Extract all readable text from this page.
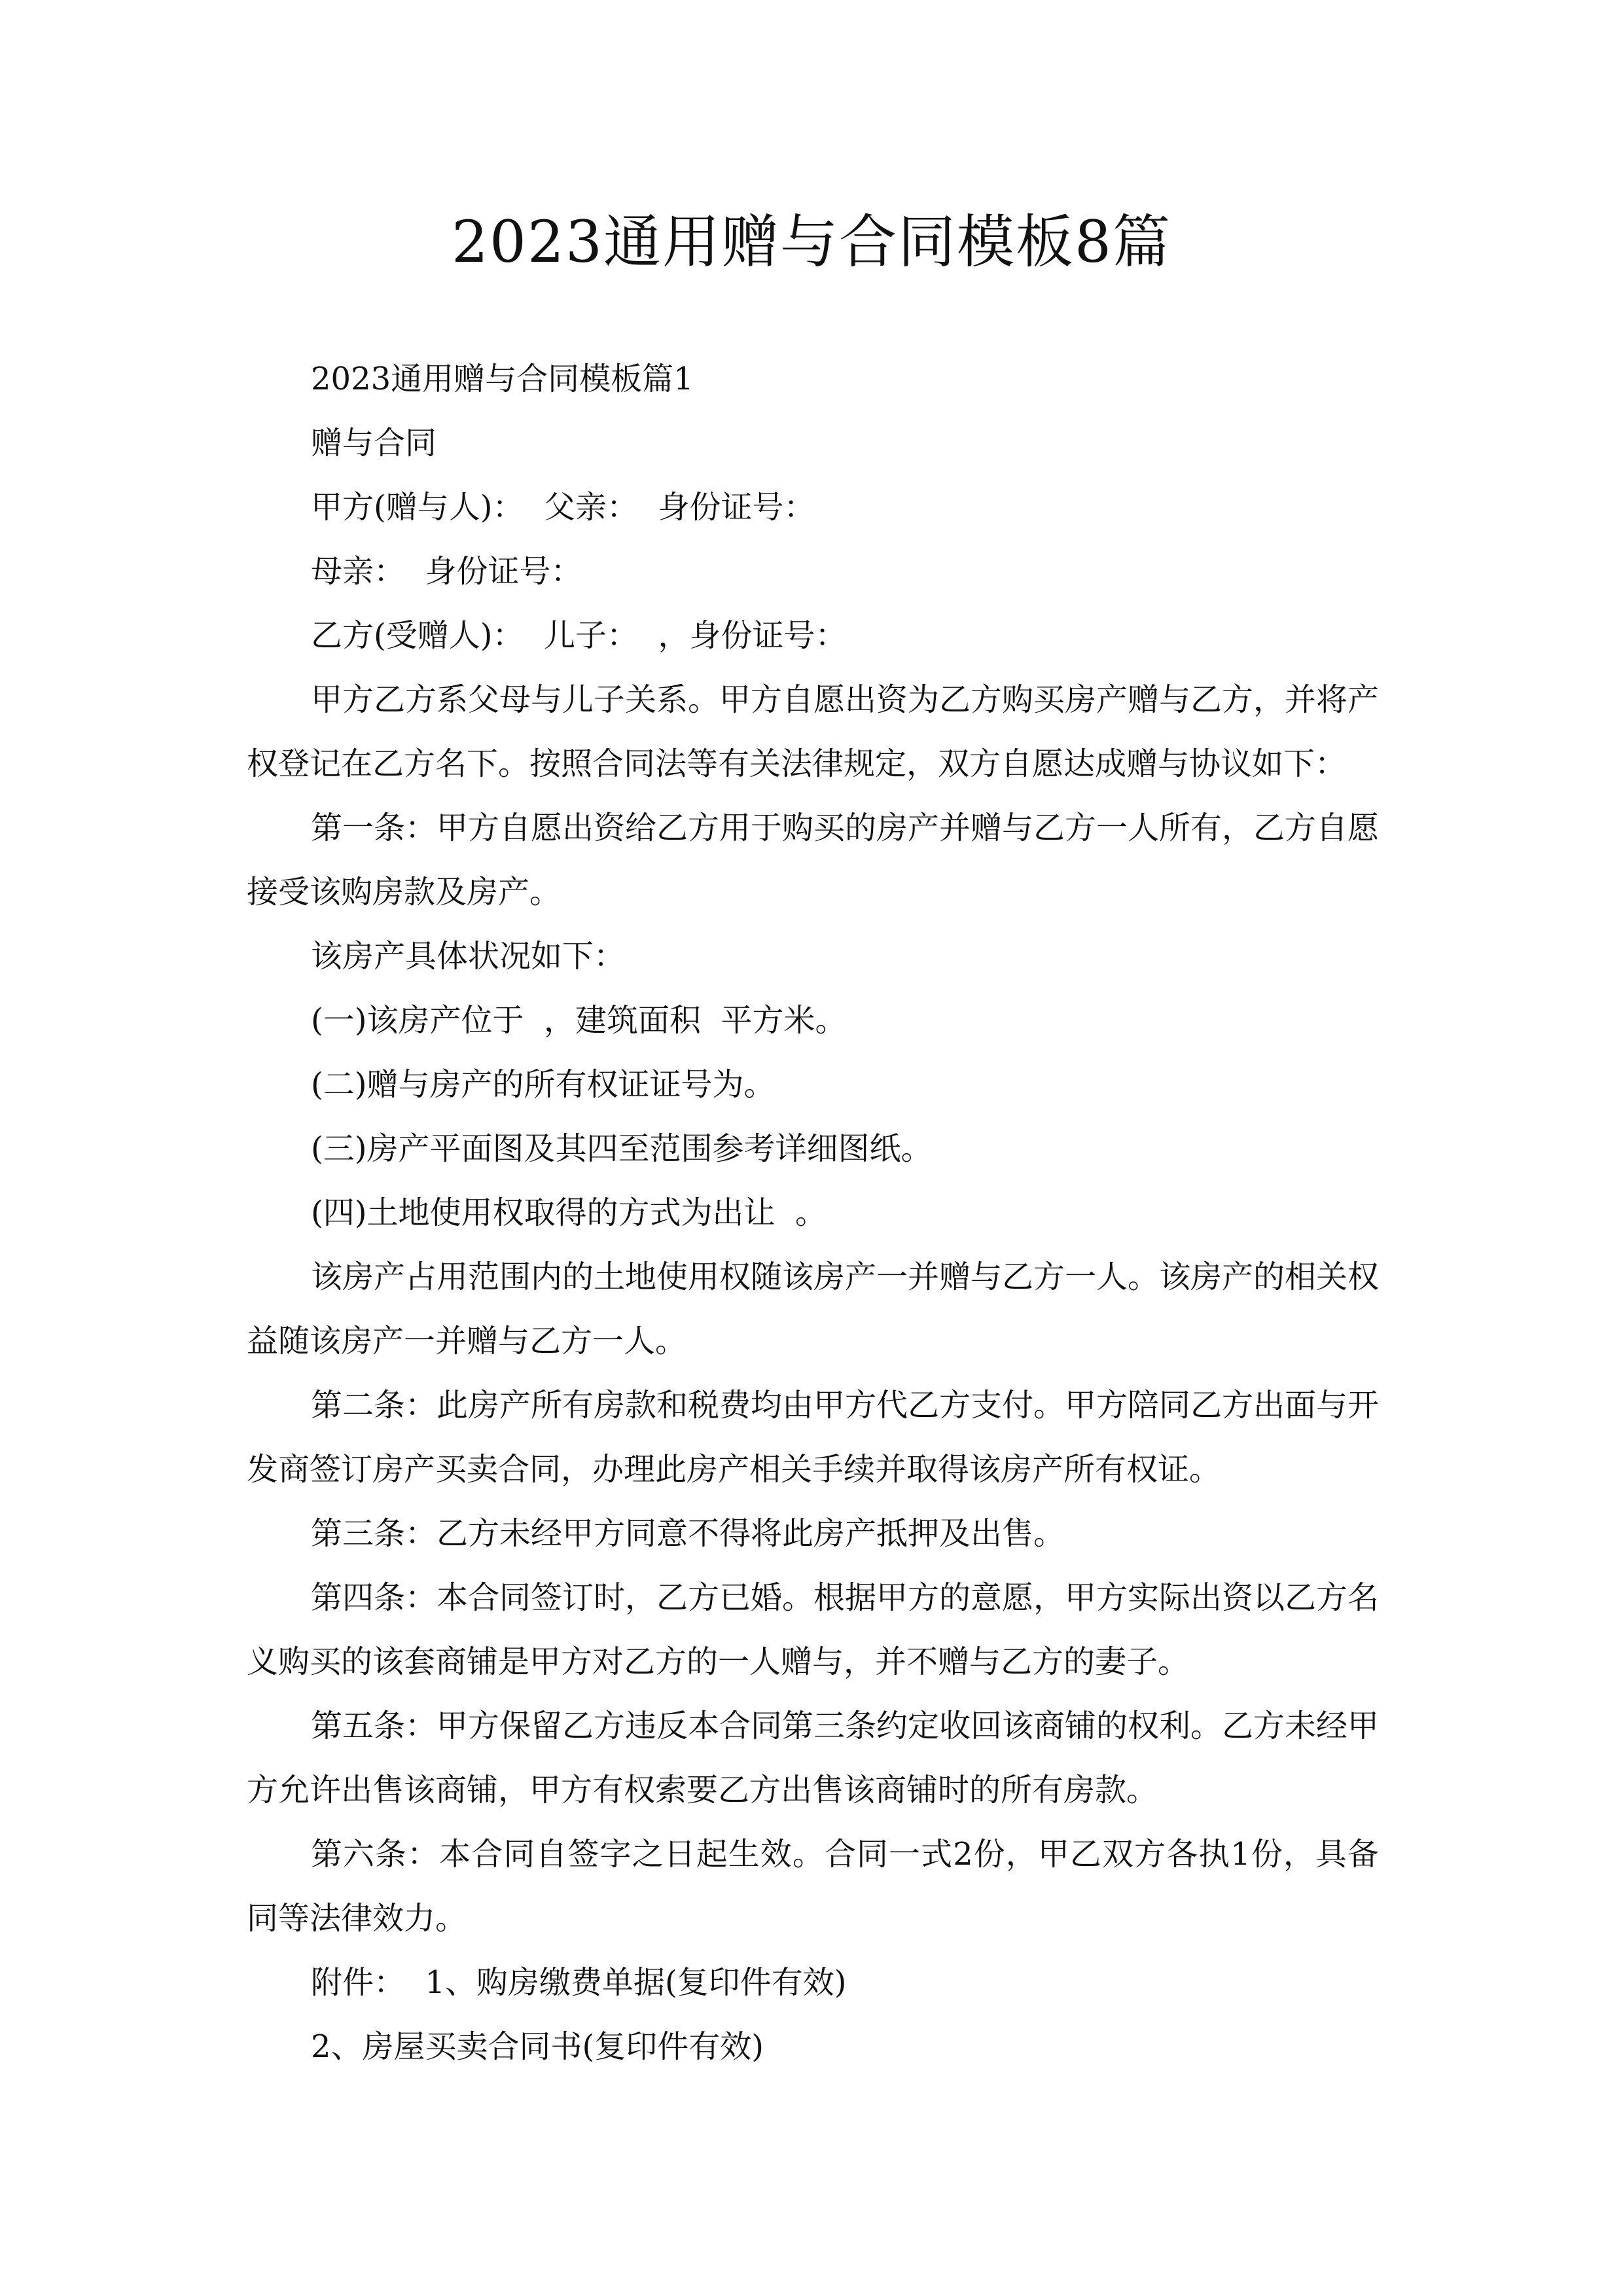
2023通用赠与合同模板8篇

2023通用赠与合同模板篇1

赠与合同

甲方(赠与人)：  父亲：  身份证号：

母亲：  身份证号：

乙方(受赠人)：  儿子：  ，身份证号：

甲方乙方系父母与儿子关系。甲方自愿出资为乙方购买房产赠与乙方，并将产权登记在乙方名下。按照合同法等有关法律规定，双方自愿达成赠与协议如下：

第一条：甲方自愿出资给乙方用于购买的房产并赠与乙方一人所有，乙方自愿接受该购房款及房产。

该房产具体状况如下：

(一)该房产位于  ，建筑面积  平方米。

(二)赠与房产的所有权证证号为。

(三)房产平面图及其四至范围参考详细图纸。

(四)土地使用权取得的方式为出让  。

该房产占用范围内的土地使用权随该房产一并赠与乙方一人。该房产的相关权益随该房产一并赠与乙方一人。

第二条：此房产所有房款和税费均由甲方代乙方支付。甲方陪同乙方出面与开发商签订房产买卖合同，办理此房产相关手续并取得该房产所有权证。

第三条：乙方未经甲方同意不得将此房产抵押及出售。

第四条：本合同签订时，乙方已婚。根据甲方的意愿，甲方实际出资以乙方名义购买的该套商铺是甲方对乙方的一人赠与，并不赠与乙方的妻子。

第五条：甲方保留乙方违反本合同第三条约定收回该商铺的权利。乙方未经甲方允许出售该商铺，甲方有权索要乙方出售该商铺时的所有房款。

第六条：本合同自签字之日起生效。合同一式2份，甲乙双方各执1份，具备同等法律效力。

附件：  1、购房缴费单据(复印件有效)

2、房屋买卖合同书(复印件有效)
